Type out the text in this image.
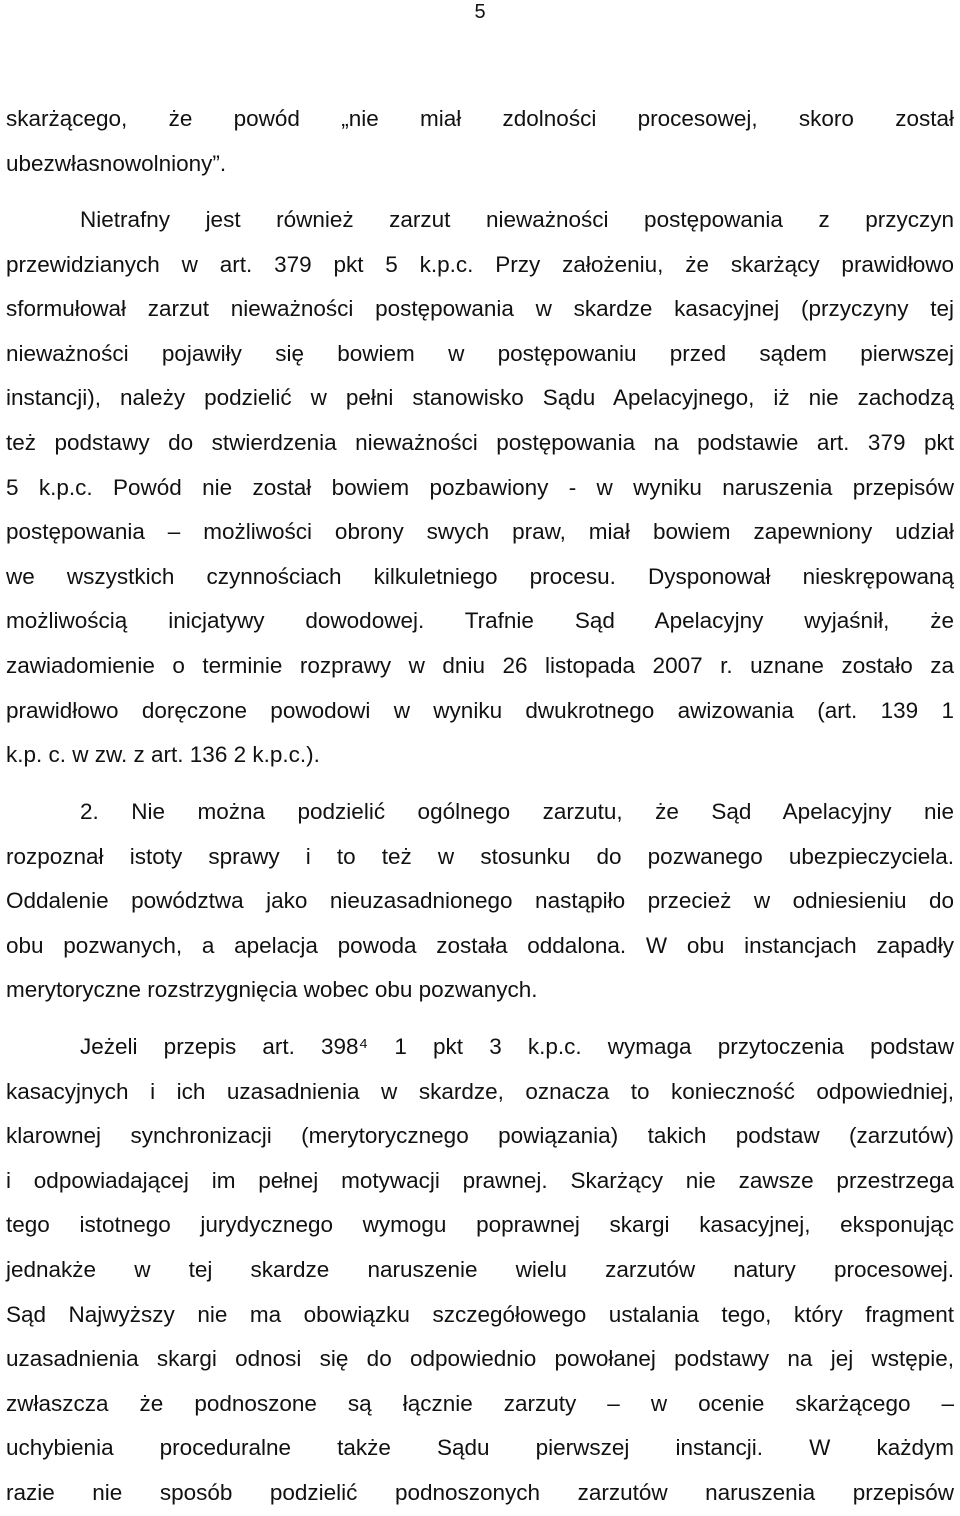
5
skarżącego, że powód „nie miał zdolności procesowej, skoro został
ubezwłasnowolniony”.
Nietrafny jest również zarzut nieważności postępowania z przyczyn
przewidzianych w art. 379 pkt 5 k.p.c. Przy założeniu, że skarżący prawidłowo
sformułował zarzut nieważności postępowania w skardze kasacyjnej (przyczyny tej
nieważności pojawiły się bowiem w postępowaniu przed sądem pierwszej
instancji), należy podzielić w pełni stanowisko Sądu Apelacyjnego, iż nie zachodzą
też podstawy do stwierdzenia nieważności postępowania na podstawie art. 379 pkt
5 k.p.c. Powód nie został bowiem pozbawiony - w wyniku naruszenia przepisów
postępowania – możliwości obrony swych praw, miał bowiem zapewniony udział
we wszystkich czynnościach kilkuletniego procesu. Dysponował nieskrępowaną
możliwością inicjatywy dowodowej. Trafnie Sąd Apelacyjny wyjaśnił, że
zawiadomienie o terminie rozprawy w dniu 26 listopada 2007 r. uznane zostało za
prawidłowo doręczone powodowi w wyniku dwukrotnego awizowania (art. 139 1
k.p. c. w zw. z art. 136 2 k.p.c.).
2. Nie można podzielić ogólnego zarzutu, że Sąd Apelacyjny nie
rozpoznał istoty sprawy i to też w stosunku do pozwanego ubezpieczyciela.
Oddalenie powództwa jako nieuzasadnionego nastąpiło przecież w odniesieniu do
obu pozwanych, a apelacja powoda została oddalona. W obu instancjach zapadły
merytoryczne rozstrzygnięcia wobec obu pozwanych.
Jeżeli przepis art. 398⁴ 1 pkt 3 k.p.c. wymaga przytoczenia podstaw
kasacyjnych i ich uzasadnienia w skardze, oznacza to konieczność odpowiedniej,
klarownej synchronizacji (merytorycznego powiązania) takich podstaw (zarzutów)
i odpowiadającej im pełnej motywacji prawnej. Skarżący nie zawsze przestrzega
tego istotnego jurydycznego wymogu poprawnej skargi kasacyjnej, eksponując
jednakże w tej skardze naruszenie wielu zarzutów natury procesowej.
Sąd Najwyższy nie ma obowiązku szczegółowego ustalania tego, który fragment
uzasadnienia skargi odnosi się do odpowiednio powołanej podstawy na jej wstępie,
zwłaszcza że podnoszone są łącznie zarzuty – w ocenie skarżącego –
uchybienia proceduralne także Sądu pierwszej instancji. W każdym
razie nie sposób podzielić podnoszonych zarzutów naruszenia przepisów
